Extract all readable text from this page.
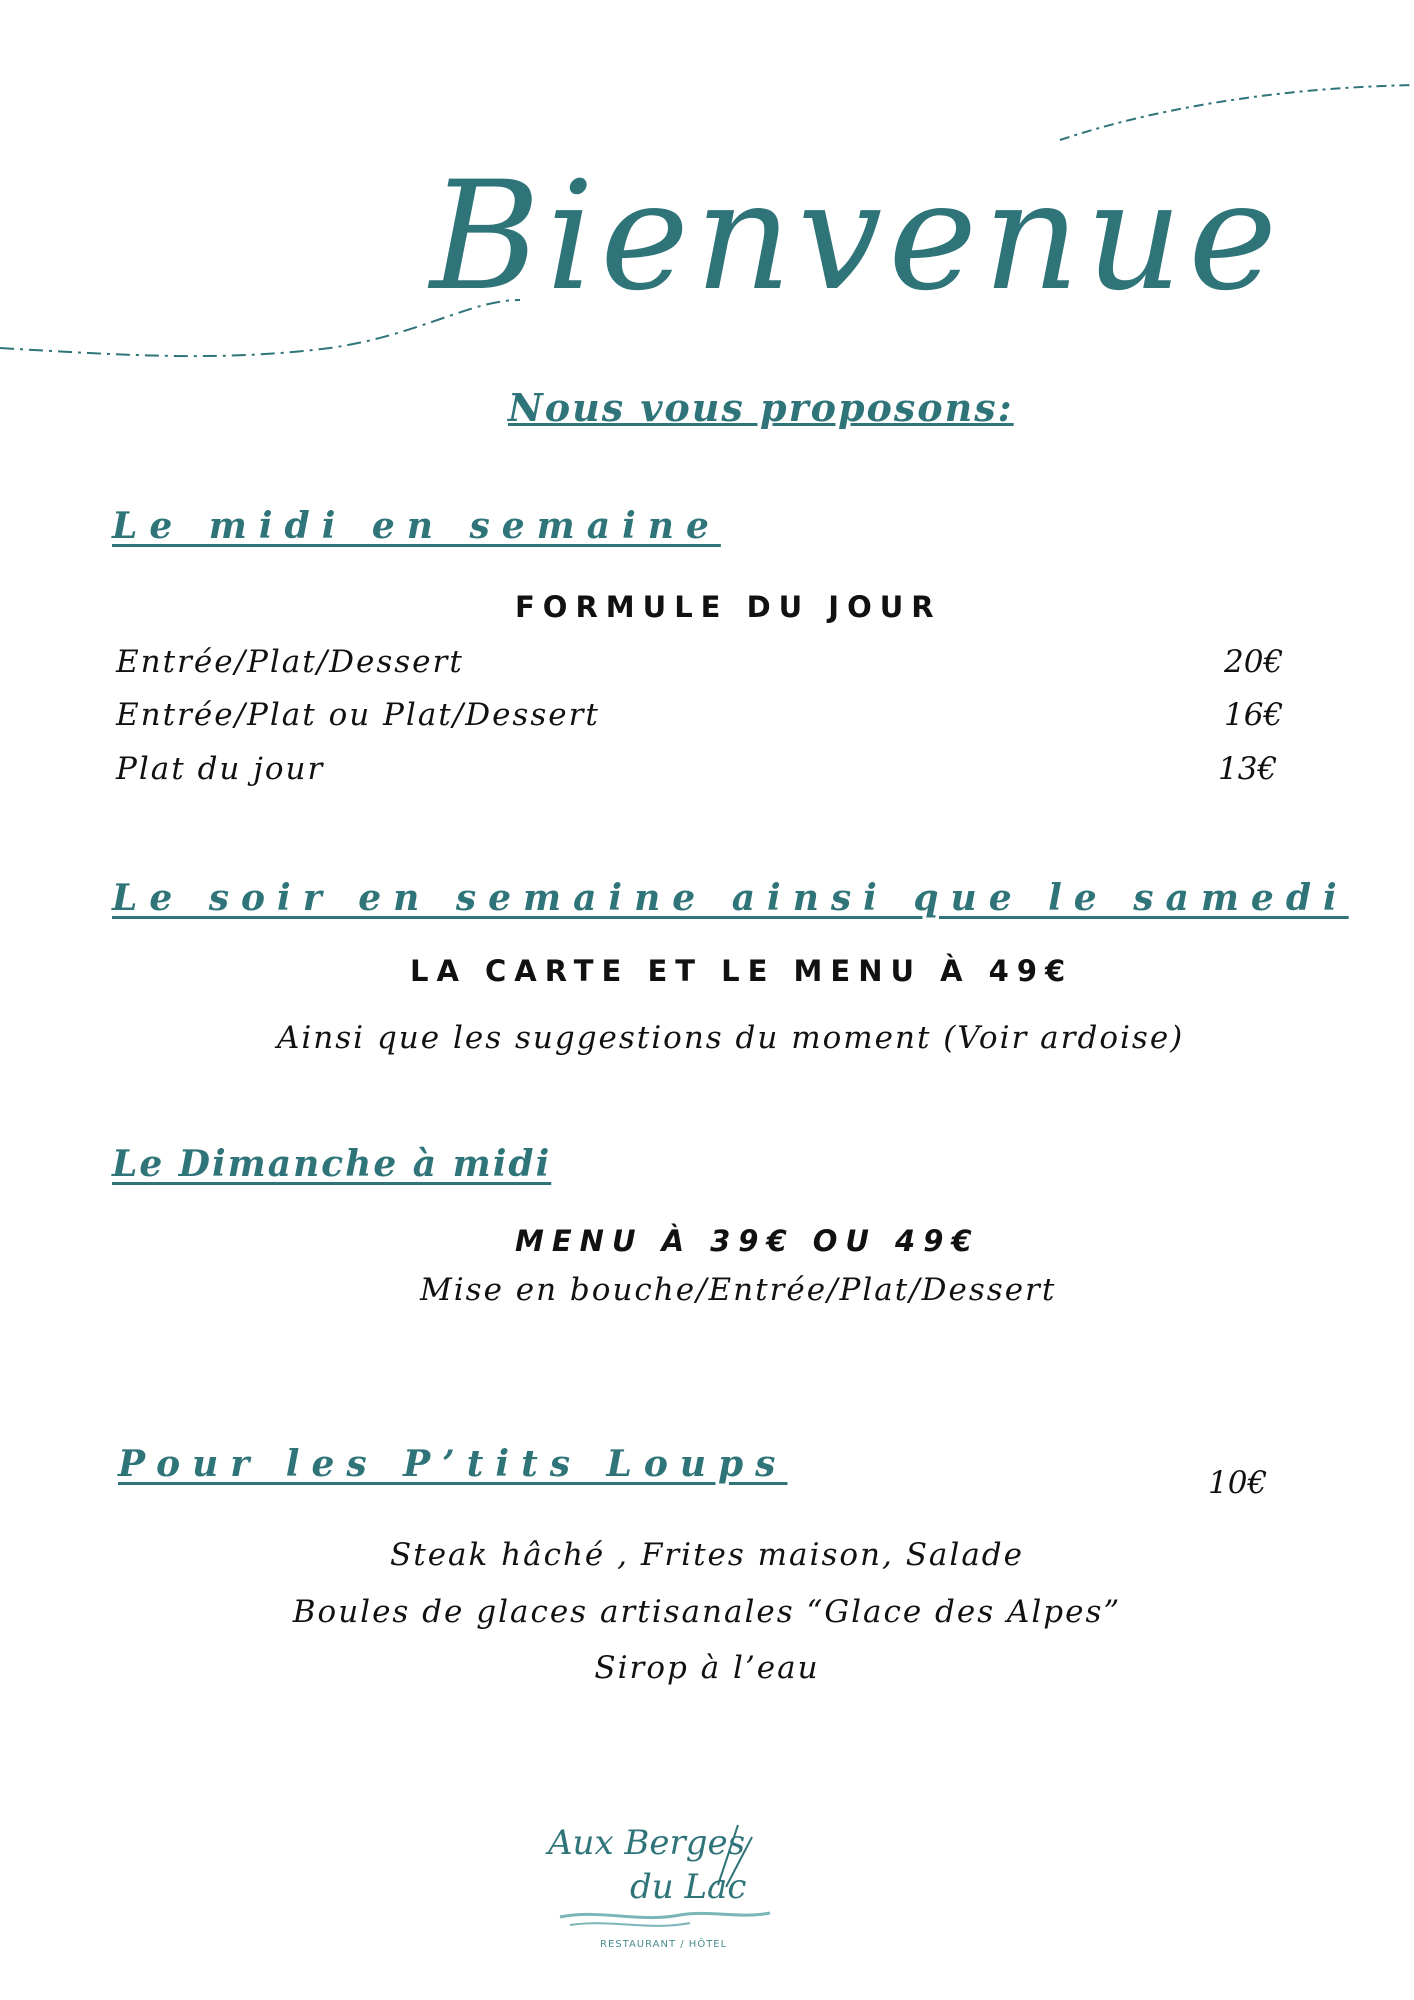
Bienvenue
Nous vous proposons:
Le midi en semaine
FORMULE DU JOUR
Entrée/Plat/Dessert	20€
Entrée/Plat ou Plat/Dessert	16€
Plat du jour	13€
Le soir en semaine ainsi que le samedi
LA CARTE ET LE MENU À 49€
Ainsi que les suggestions du moment (Voir ardoise)
Le Dimanche à midi
MENU À 39€ OU 49€
Mise en bouche/Entrée/Plat/Dessert
Pour les P’tits Loups	10€
Steak hâché , Frites maison, Salade
Boules de glaces artisanales “Glace des Alpes”
Sirop à l’eau
Aux Berges
du Lac
RESTAURANT / HÔTEL
